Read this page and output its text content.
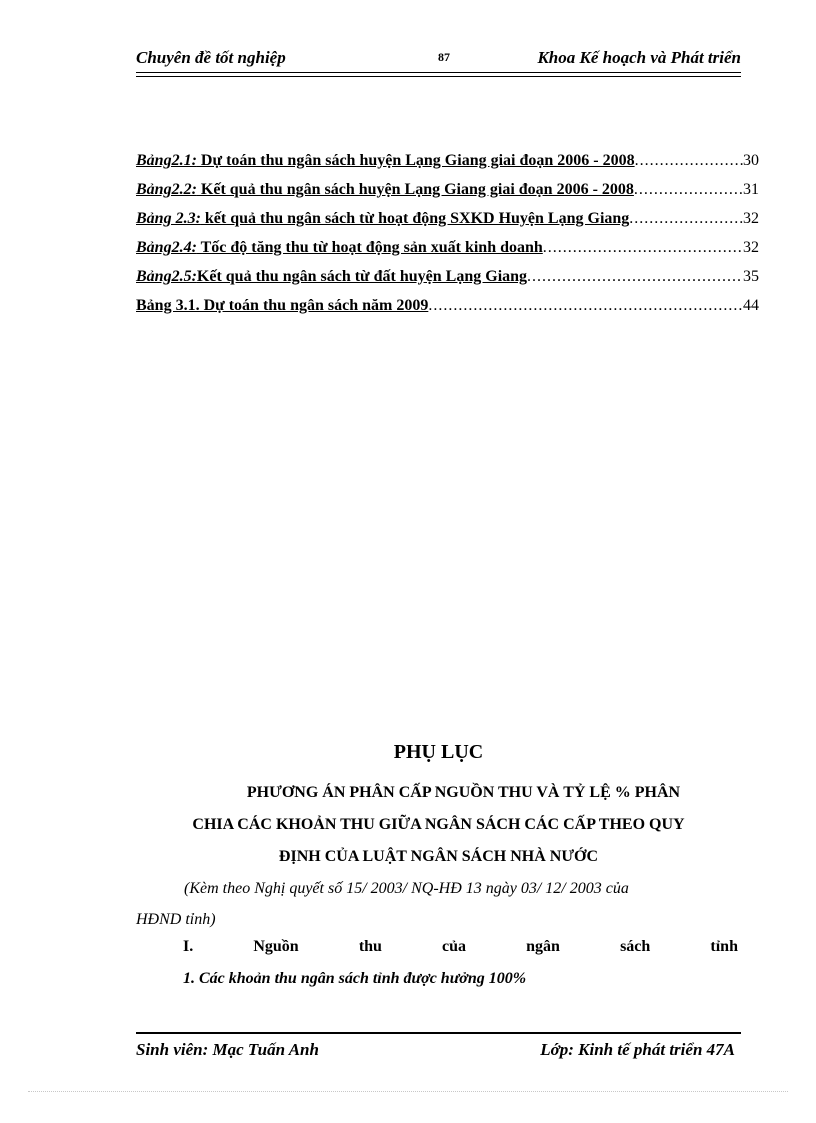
Chuyên đề tốt nghiệp	87	Khoa Kế hoạch và Phát triển
Bảng2.1: Dự toán thu ngân sách huyện Lạng Giang giai đoạn 2006 - 2008 .....	30
Bảng2.2: Kết quả thu ngân sách huyện Lạng Giang giai đoạn 2006 - 2008 .....	31
Bảng 2.3: kết quả thu ngân sách từ hoạt động SXKD Huyện Lạng Giang .....	32
Bảng2.4: Tốc độ tăng thu từ hoạt động sản xuất kinh doanh .....	32
Bảng2.5:Kết quả thu ngân sách từ đất huyện Lạng Giang .....	35
Bảng 3.1. Dự toán thu ngân sách năm 2009 .....	44
PHỤ LỤC
PHƯƠNG ÁN PHÂN CẤP NGUỒN THU VÀ TỶ LỆ % PHÂN
CHIA CÁC KHOẢN THU GIỮA NGÂN SÁCH CÁC CẤP THEO QUY
ĐỊNH CỦA LUẬT NGÂN SÁCH NHÀ NƯỚC
(Kèm theo Nghị quyết số 15/ 2003/ NQ-HĐ 13 ngày 03/ 12/ 2003 của
HĐND tỉnh)
I.	Nguồn	thu	của	ngân	sách	tỉnh
1. Các khoản thu ngân sách tỉnh được hưởng 100%
Sinh viên: Mạc Tuấn Anh	Lớp: Kinh tế phát triển 47A
